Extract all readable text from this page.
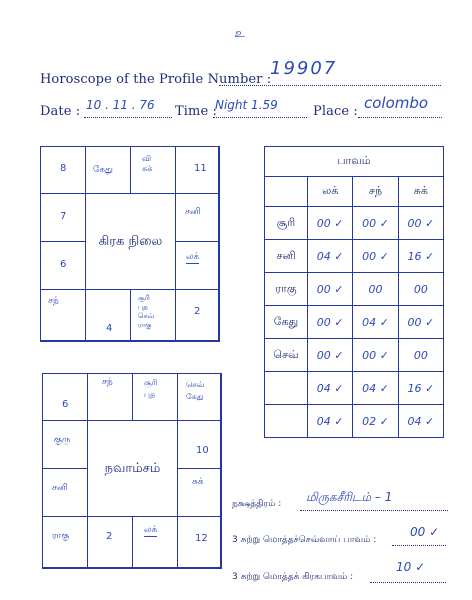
உ
Horoscope of the Profile Number :
19907
Date : 10 . 11 . 76 Time :
Night 1.59	Place : colombo
கிரக நிலை
8	கேது
வி
சுக்	11
7	சனி
6
லக்
சந்	சூரி
புத
செவ்
ராகு
4
2
நவாம்சம்
6
சந்	சூரி
புத
செவ்
கேது
குரு
10
சனி
சுக்
ராகு	2
லக்
12
பாவம்			
	லக்	சந்	சுக்
சூரி	00 ✓	00 ✓	00 ✓
சனி	04 ✓	00 ✓	16 ✓
ராகு	00 ✓	00	00
கேது	00 ✓	04 ✓	00 ✓
செவ்	00 ✓	00 ✓	00
	04 ✓	04 ✓	16 ✓
	04 ✓	02 ✓	04 ✓
நக்ஷத்திரம் : மிருகசீரிடம் – 1
3 சுற்று மொத்தச்செவ்வாய் பாவம் :
00 ✓
3 சுற்று மொத்தக் கிரகபாவம் :
10 ✓
